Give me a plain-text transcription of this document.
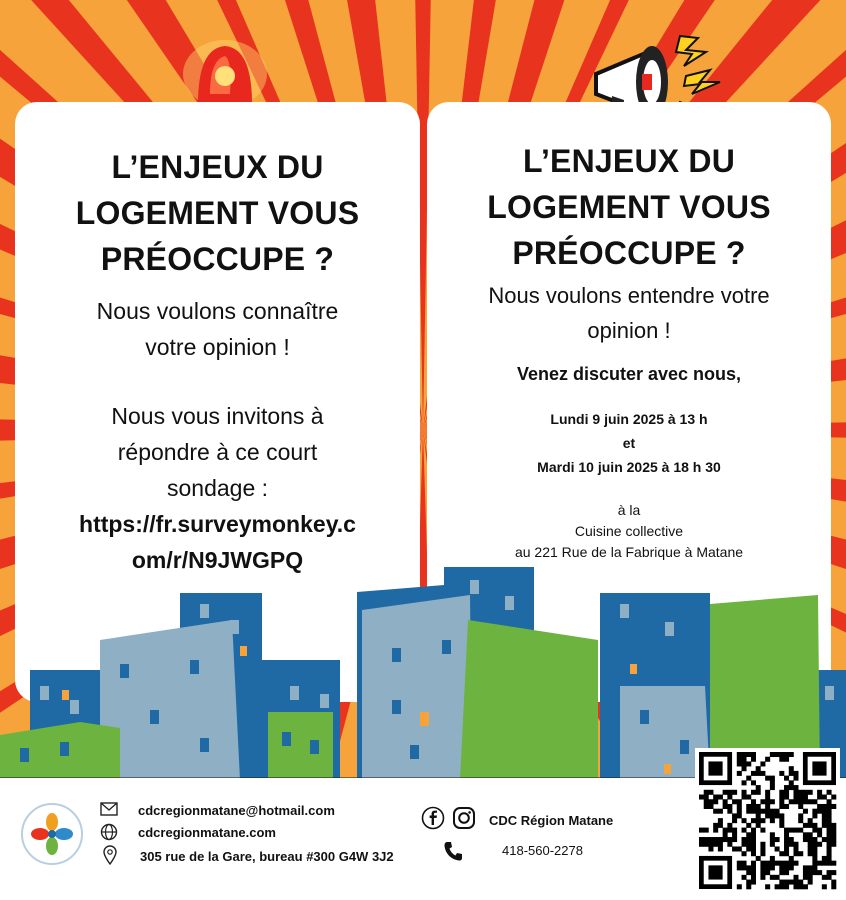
L’ENJEUX DU
LOGEMENT VOUS
PRÉOCCUPE ?
Nous voulons connaître
votre opinion !
Nous vous invitons à
répondre à ce court
sondage :
https://fr.surveymonkey.c
om/r/N9JWGPQ
L’ENJEUX DU
LOGEMENT VOUS
PRÉOCCUPE ?
Nous voulons entendre votre
opinion !
Venez discuter avec nous,
Lundi 9 juin 2025 à 13 h
et
Mardi 10 juin 2025 à 18 h 30
à la
Cuisine collective
au 221 Rue de la Fabrique à Matane
cdcregionmatane@hotmail.com
cdcregionmatane.com
305 rue de la Gare, bureau #300 G4W 3J2
CDC Région Matane
418-560-2278
